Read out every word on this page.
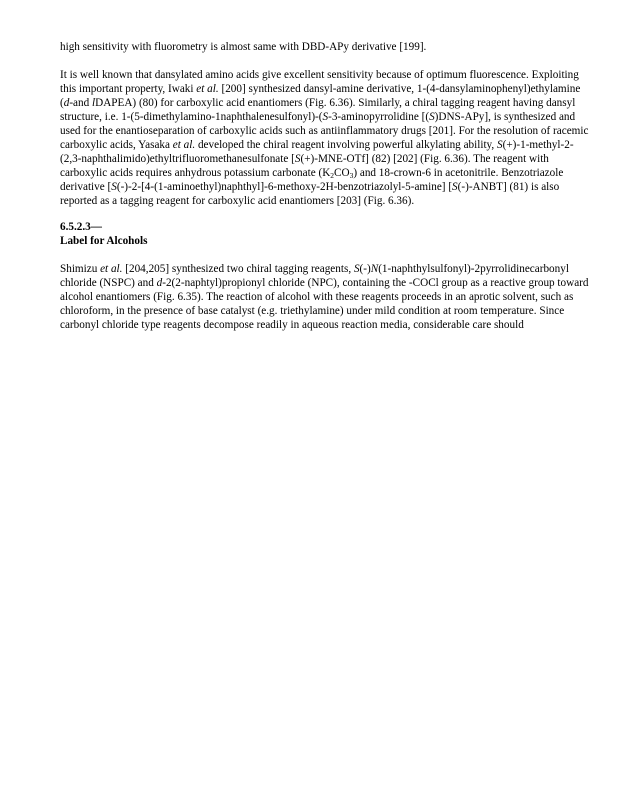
high sensitivity with fluorometry is almost same with DBD-APy derivative [199].

It is well known that dansylated amino acids give excellent sensitivity because of optimum fluorescence. Exploiting this important property, Iwaki et al. [200] synthesized dansyl-amine derivative, 1-(4-dansylaminophenyl)ethylamine (d-and lDAPEA) (80) for carboxylic acid enantiomers (Fig. 6.36). Similarly, a chiral tagging reagent having dansyl structure, i.e. 1-(5-dimethylamino-1naphthalenesulfonyl)-(S-3-aminopyrrolidine [(S)DNS-APy], is synthesized and used for the enantioseparation of carboxylic acids such as antiinflammatory drugs [201]. For the resolution of racemic carboxylic acids, Yasaka et al. developed the chiral reagent involving powerful alkylating ability, S(+)-1-methyl-2-(2,3-naphthalimido)ethyltrifluoromethanesulfonate [S(+)-MNE-OTf] (82) [202] (Fig. 6.36). The reagent with carboxylic acids requires anhydrous potassium carbonate $(K_2CO_3)$ and 18-crown-6 in acetonitrile. Benzotriazole derivative [S(-)-2-[4-(1-aminoethyl)naphthyl]-6-methoxy-2H-benzotriazolyl-5-amine] [S(-)-ANBT] (81) is also reported as a tagging reagent for carboxylic acid enantiomers [203] (Fig. 6.36).

6.5.2.3—
Label for Alcohols

Shimizu et al. [204,205] synthesized two chiral tagging reagents, S(-)N(1-naphthylsulfonyl)-2pyrrolidinecarbonyl chloride (NSPC) and d-2(2-naphtyl)propionyl chloride (NPC), containing the -COCl group as a reactive group toward alcohol enantiomers (Fig. 6.35). The reaction of alcohol with these reagents proceeds in an aprotic solvent, such as chloroform, in the presence of base catalyst (e.g. triethylamine) under mild condition at room temperature. Since carbonyl chloride type reagents decompose readily in aqueous reaction media, considerable care should
